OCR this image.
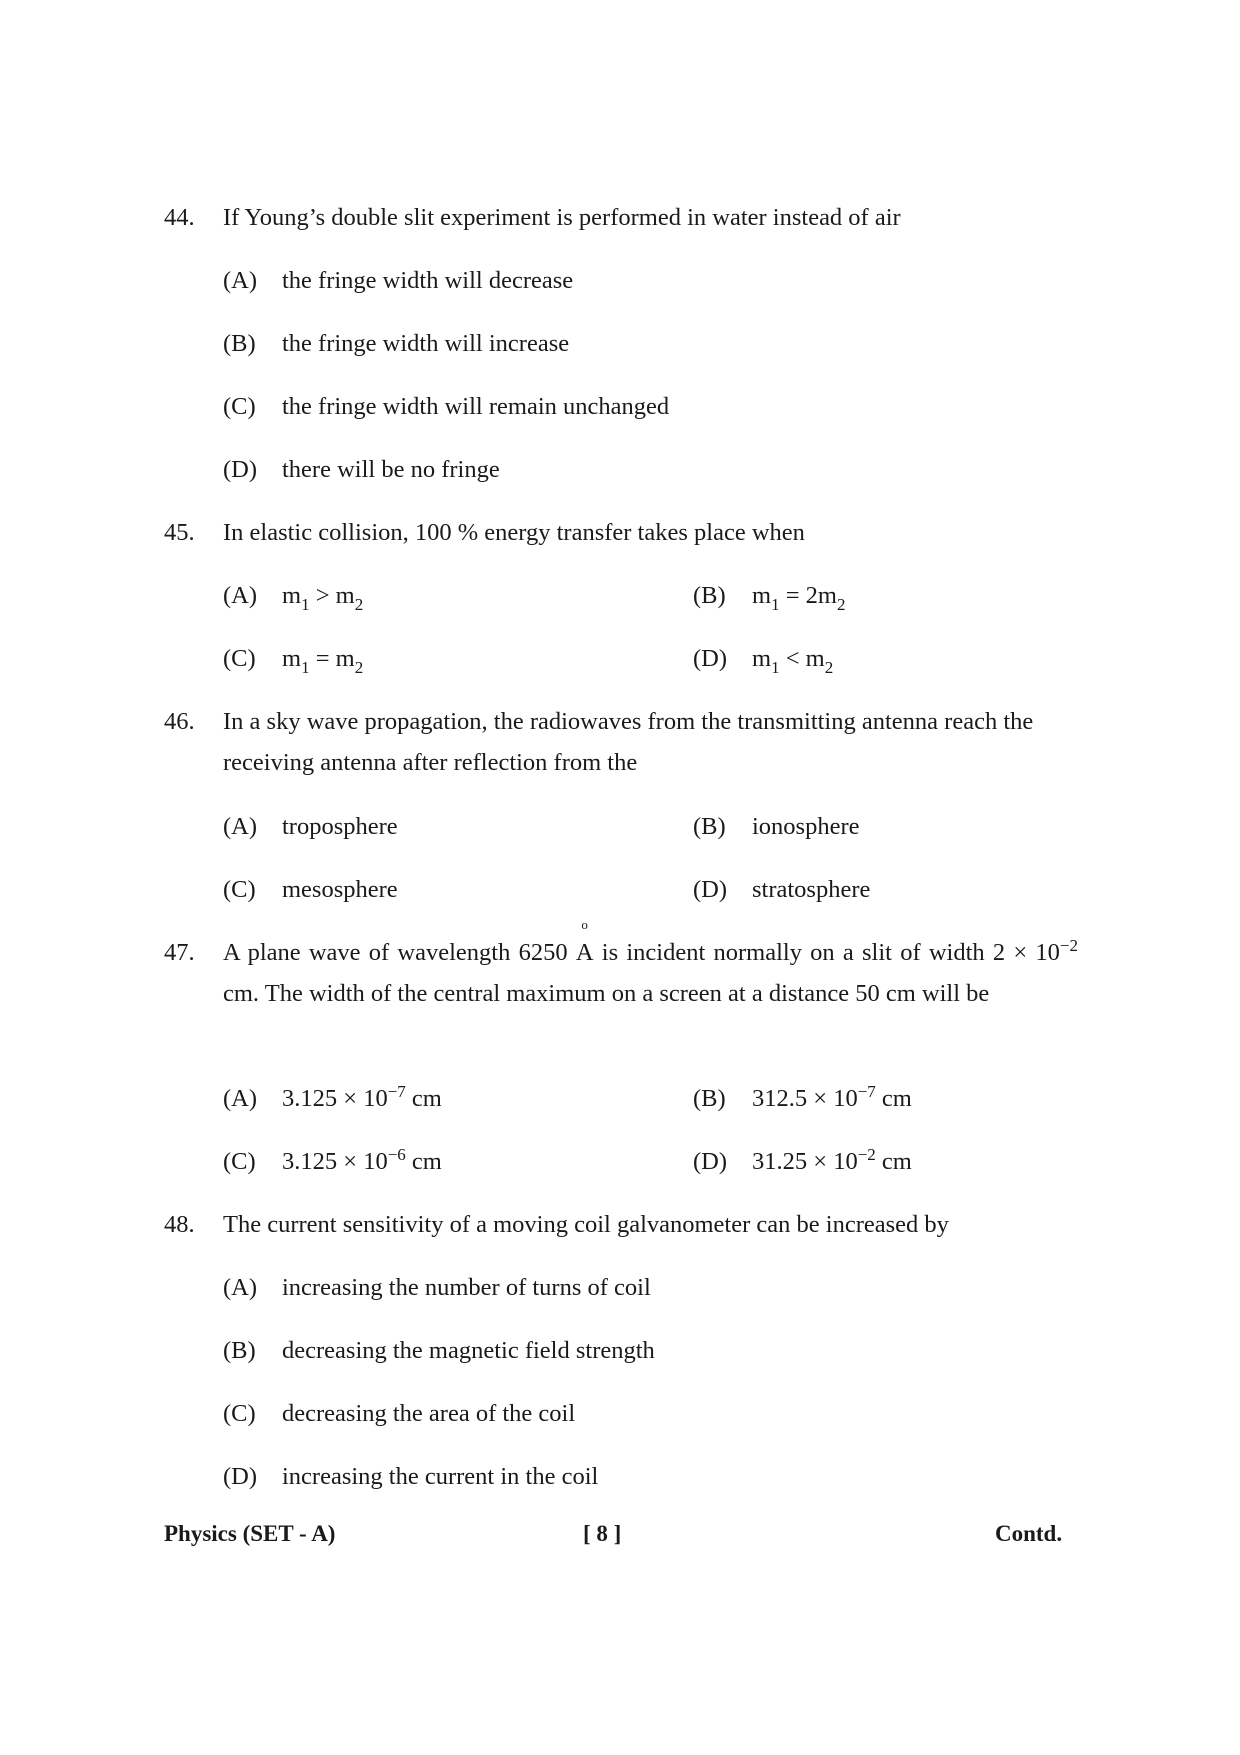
44. If Young’s double slit experiment is performed in water instead of air
(A) the fringe width will decrease
(B) the fringe width will increase
(C) the fringe width will remain unchanged
(D) there will be no fringe
45. In elastic collision, 100 % energy transfer takes place when
(A) $m_1 > m_2$	(B) $m_1 = 2m_2$
(C) $m_1 = m_2$	(D) $m_1 < m_2$
46. In a sky wave propagation, the radiowaves from the transmitting antenna reach the receiving antenna after reflection from the
(A) troposphere	(B) ionosphere
(C) mesosphere	(D) stratosphere
47. A plane wave of wavelength 6250 A
o
is incident normally on a slit of width $2 \times 10^{-2}$ cm. The width of the central maximum on a screen at a distance 50 cm will be
(A) $3.125 \times 10^{-7}$ cm	(B) $312.5 \times 10^{-7}$ cm
(C) $3.125 \times 10^{-6}$ cm	(D) $31.25 \times 10^{-2}$ cm
48. The current sensitivity of a moving coil galvanometer can be increased by
(A) increasing the number of turns of coil
(B) decreasing the magnetic field strength
(C) decreasing the area of the coil
(D) increasing the current in the coil
Physics (SET - A)	[ 8 ]	Contd.
